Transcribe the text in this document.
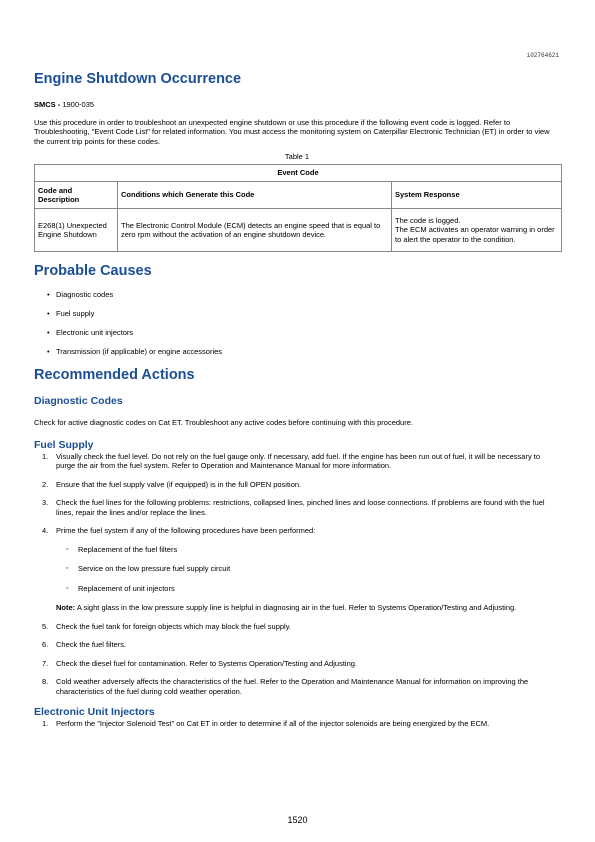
i02764621
Engine Shutdown Occurrence

SMCS - 1900-035

Use this procedure in order to troubleshoot an unexpected engine shutdown or use this procedure if the following event code is logged. Refer to Troubleshooting, "Event Code List" for related information. You must access the monitoring system on Caterpillar Electronic Technician (ET) in order to view the current trip points for these codes.

Table 1
Event Code		
Code and Description	Conditions which Generate this Code	System Response
E268(1) Unexpected Engine Shutdown	The Electronic Control Module (ECM) detects an engine speed that is equal to zero rpm without the activation of an engine shutdown device.	The code is logged.
The ECM activates an operator warning in order to alert the operator to the condition.
Probable Causes
• Diagnostic codes
• Fuel supply
• Electronic unit injectors
• Transmission (if applicable) or engine accessories
Recommended Actions
Diagnostic Codes

Check for active diagnostic codes on Cat ET. Troubleshoot any active codes before continuing with this procedure.

Fuel Supply
1. Visually check the fuel level. Do not rely on the fuel gauge only. If necessary, add fuel. If the engine has been run out of fuel, it will be necessary to purge the air from the fuel system. Refer to Operation and Maintenance Manual for more information.
2. Ensure that the fuel supply valve (if equipped) is in the full OPEN position.
3. Check the fuel lines for the following problems: restrictions, collapsed lines, pinched lines and loose connections. If problems are found with the fuel lines, repair the lines and/or replace the lines.
4. Prime the fuel system if any of the following procedures have been performed:
◦ Replacement of the fuel filters
◦ Service on the low pressure fuel supply circuit
◦ Replacement of unit injectors

Note: A sight glass in the low pressure supply line is helpful in diagnosing air in the fuel. Refer to Systems Operation/Testing and Adjusting.

5. Check the fuel tank for foreign objects which may block the fuel supply.
6. Check the fuel filters.
7. Check the diesel fuel for contamination. Refer to Systems Operation/Testing and Adjusting.
8. Cold weather adversely affects the characteristics of the fuel. Refer to the Operation and Maintenance Manual for information on improving the characteristics of the fuel during cold weather operation.
Electronic Unit Injectors
1. Perform the "Injector Solenoid Test" on Cat ET in order to determine if all of the injector solenoids are being energized by the ECM.
1520
